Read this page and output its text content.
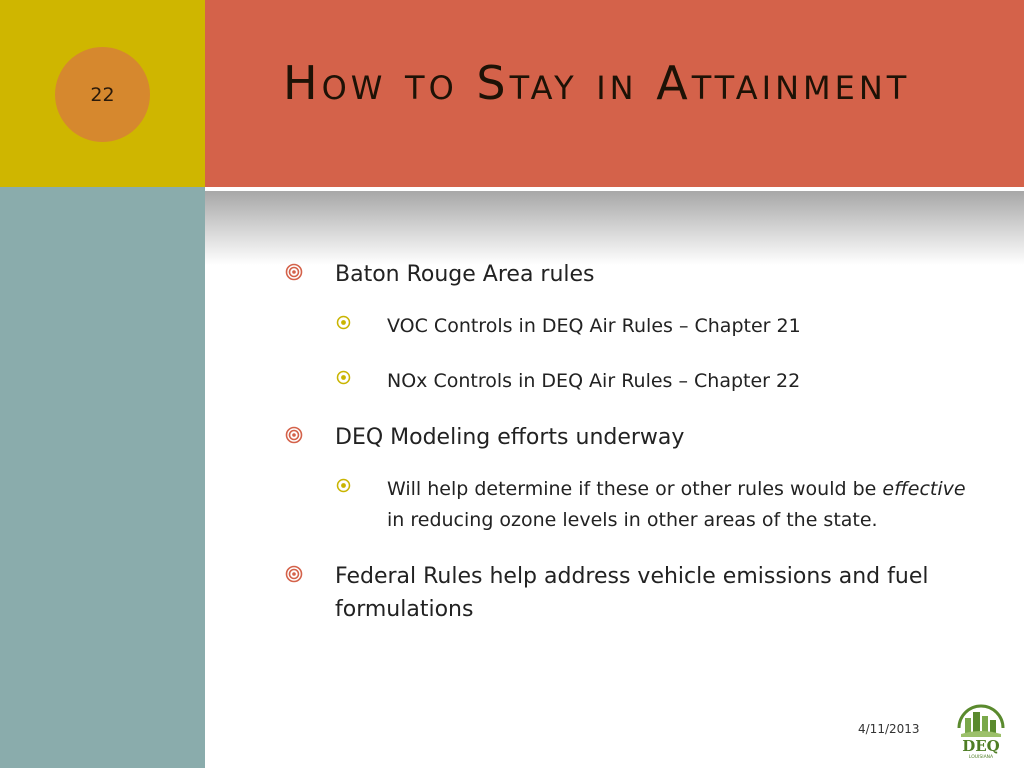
22	How to Stay in Attainment
Baton Rouge Area rules
VOC Controls in DEQ Air Rules – Chapter 21
NOx Controls in DEQ Air Rules – Chapter 22
DEQ Modeling efforts underway
Will help determine if these or other rules would be effective in reducing ozone levels in other areas of the state.
Federal Rules help address vehicle emissions and fuel formulations
4/11/2013
DEQ
LOUISIANA
